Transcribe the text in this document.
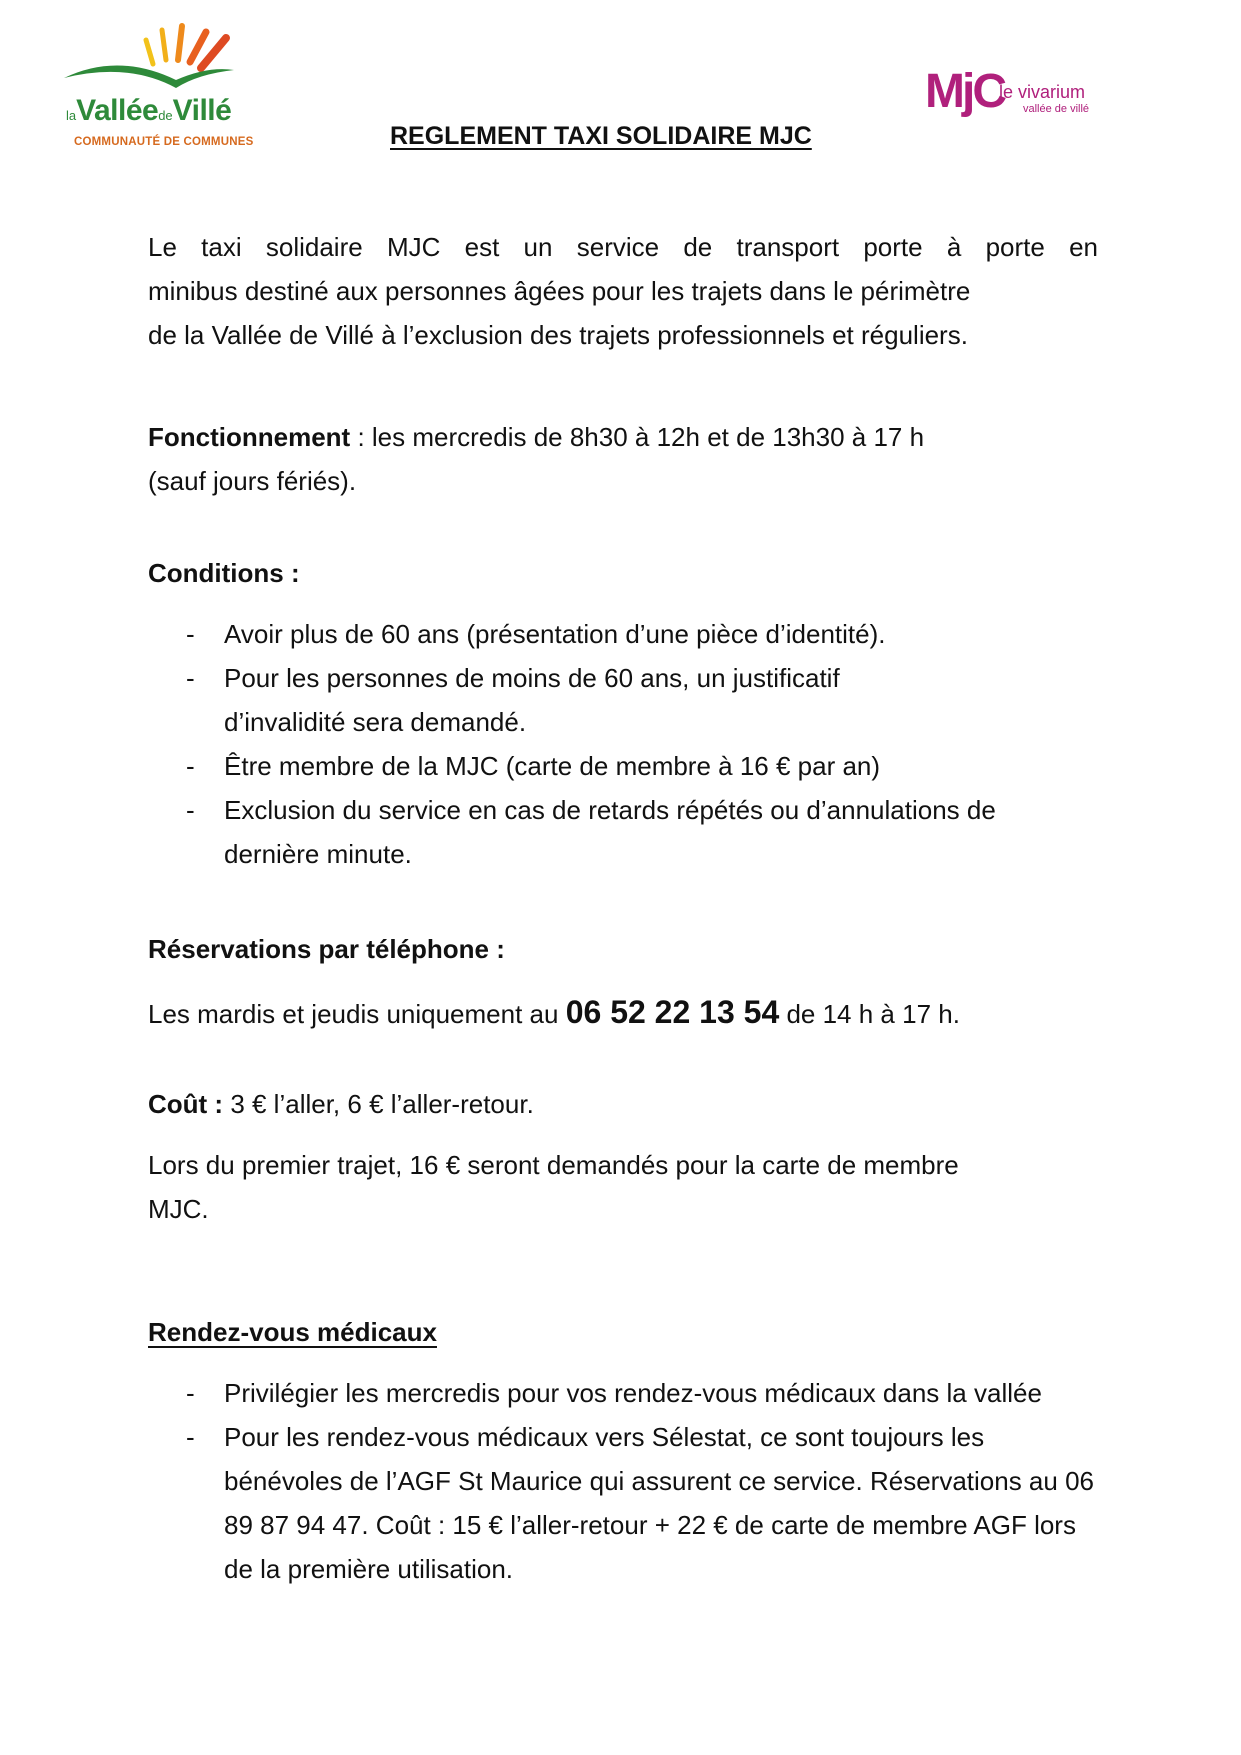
laValléedeVillé
COMMUNAUTÉ DE COMMUNES	REGLEMENT TAXI SOLIDAIRE MJC
MjC
le vivarium
vallée de villé
Le taxi solidaire MJC est un service de transport porte à porte en
minibus destiné aux personnes âgées pour les trajets dans le périmètre
de la Vallée de Villé à l’exclusion des trajets professionnels et réguliers.
Fonctionnement : les mercredis de 8h30 à 12h et de 13h30 à 17 h
(sauf jours fériés).
Conditions :
- Avoir plus de 60 ans (présentation d’une pièce d’identité).
- Pour les personnes de moins de 60 ans, un justificatif d’invalidité sera demandé.
- Être membre de la MJC (carte de membre à 16 € par an)
- Exclusion du service en cas de retards répétés ou d’annulations de dernière minute.
Réservations par téléphone :
Les mardis et jeudis uniquement au 06 52 22 13 54 de 14 h à 17 h.
Coût : 3 € l’aller, 6 € l’aller-retour.
Lors du premier trajet, 16 € seront demandés pour la carte de membre MJC.
Rendez-vous médicaux
- Privilégier les mercredis pour vos rendez-vous médicaux dans la vallée
- Pour les rendez-vous médicaux vers Sélestat, ce sont toujours les bénévoles de l’AGF St Maurice qui assurent ce service. Réservations au 06 89 87 94 47. Coût : 15 € l’aller-retour + 22 € de carte de membre AGF lors de la première utilisation.
